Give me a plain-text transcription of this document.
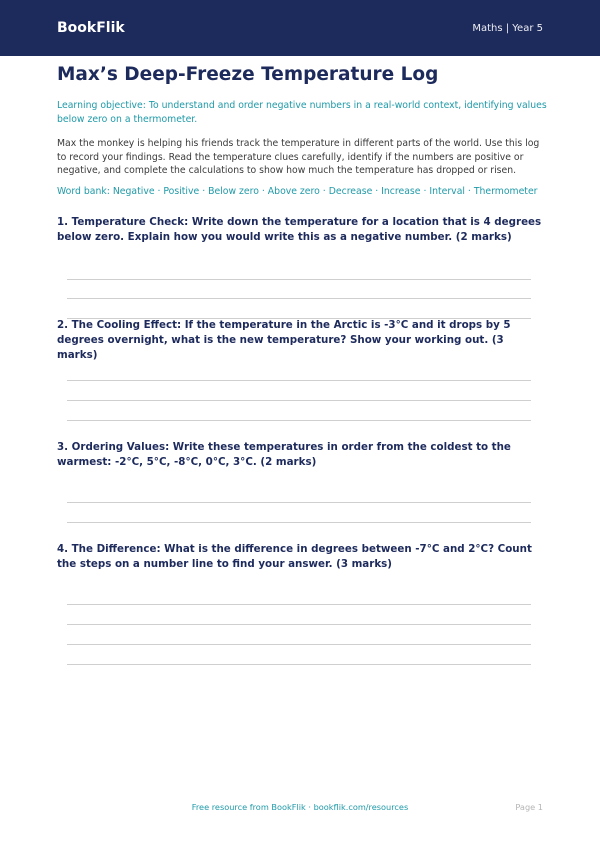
BookFlik	Maths | Year 5
Max’s Deep-Freeze Temperature Log
Learning objective: To understand and order negative numbers in a real-world context, identifying values below zero on a thermometer.
Max the monkey is helping his friends track the temperature in different parts of the world. Use this log to record your findings. Read the temperature clues carefully, identify if the numbers are positive or negative, and complete the calculations to show how much the temperature has dropped or risen.
Word bank: Negative · Positive · Below zero · Above zero · Decrease · Increase · Interval · Thermometer
1. Temperature Check: Write down the temperature for a location that is 4 degrees below zero. Explain how you would write this as a negative number. (2 marks)
2. The Cooling Effect: If the temperature in the Arctic is -3°C and it drops by 5 degrees overnight, what is the new temperature? Show your working out. (3 marks)
3. Ordering Values: Write these temperatures in order from the coldest to the warmest: -2°C, 5°C, -8°C, 0°C, 3°C. (2 marks)
4. The Difference: What is the difference in degrees between -7°C and 2°C? Count the steps on a number line to find your answer. (3 marks)
Free resource from BookFlik · bookflik.com/resources	Page 1
